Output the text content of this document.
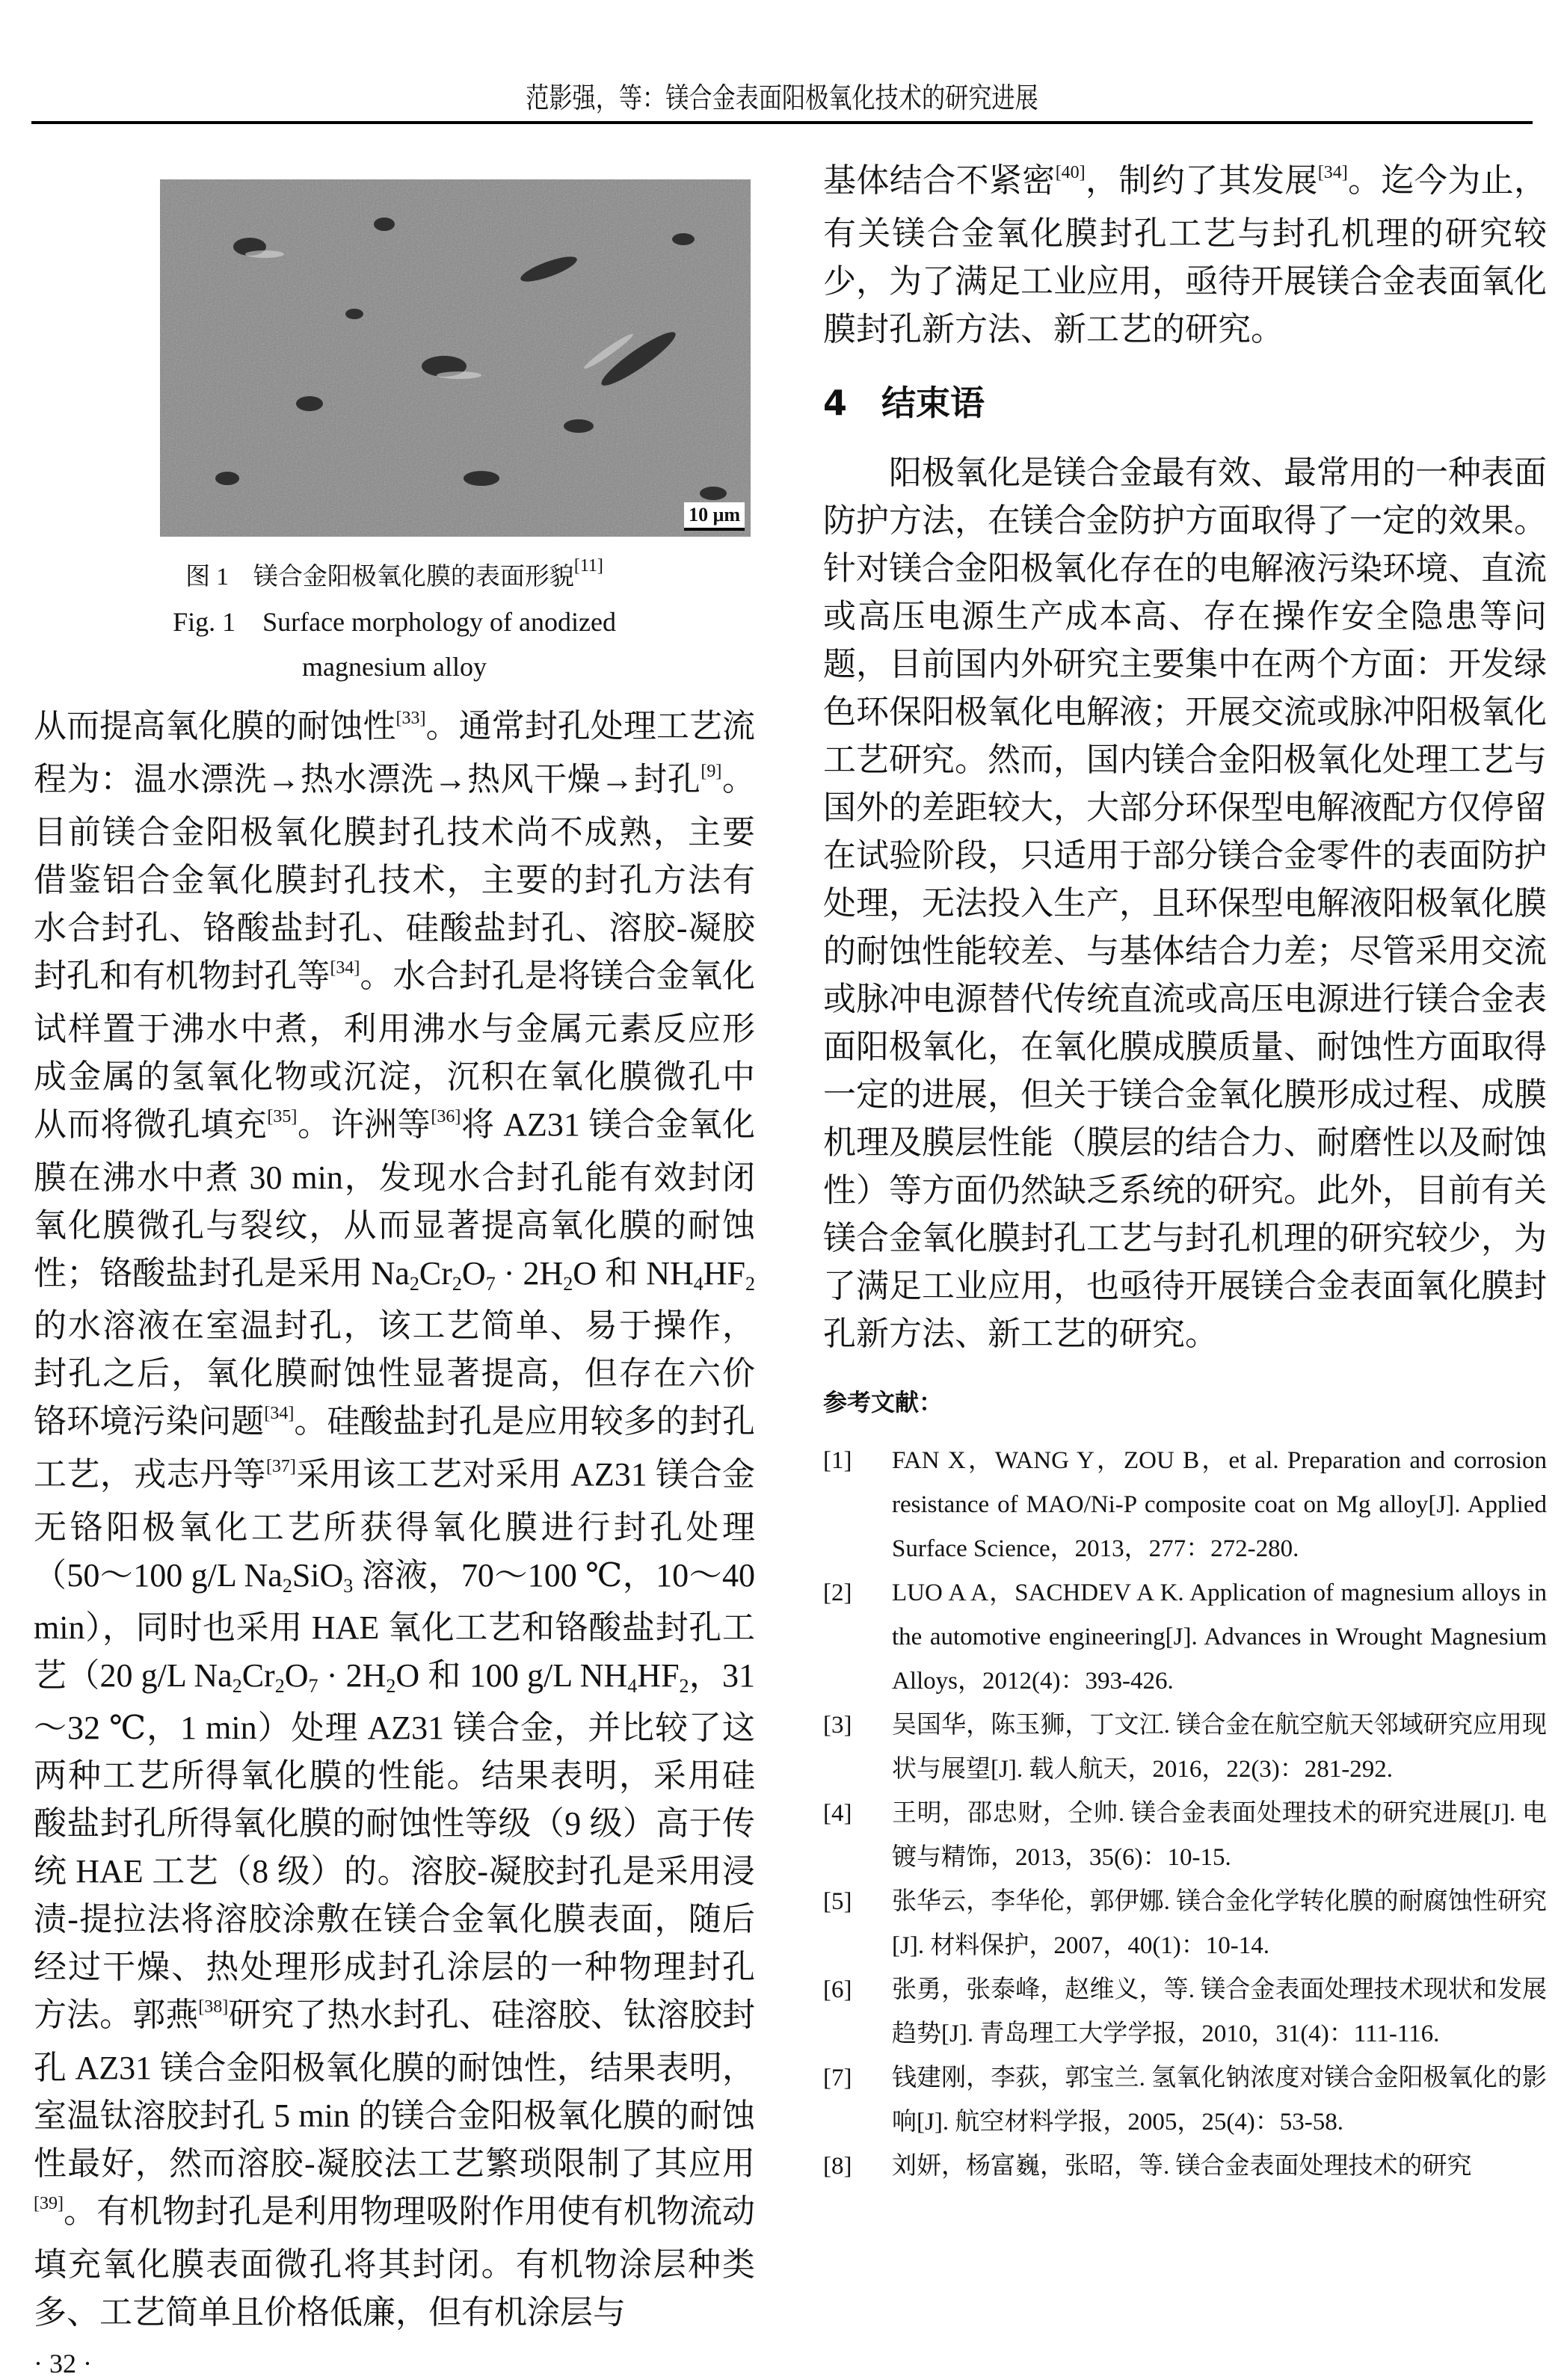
范影强，等：镁合金表面阳极氧化技术的研究进展
10 μm
图 1　镁合金阳极氧化膜的表面形貌[11]
Fig. 1　Surface morphology of anodized
magnesium alloy

从而提高氧化膜的耐蚀性[33]。通常封孔处理工艺流程为：温水漂洗→热水漂洗→热风干燥→封孔[9]。目前镁合金阳极氧化膜封孔技术尚不成熟，主要借鉴铝合金氧化膜封孔技术，主要的封孔方法有水合封孔、铬酸盐封孔、硅酸盐封孔、溶胶-凝胶封孔和有机物封孔等[34]。水合封孔是将镁合金氧化试样置于沸水中煮，利用沸水与金属元素反应形成金属的氢氧化物或沉淀，沉积在氧化膜微孔中从而将微孔填充[35]。许洲等[36]将 AZ31 镁合金氧化膜在沸水中煮 30 min，发现水合封孔能有效封闭氧化膜微孔与裂纹，从而显著提高氧化膜的耐蚀性；铬酸盐封孔是采用 $Na_2Cr_2O_7 \cdot 2H_2O$ 和 $NH_4HF_2$ 的水溶液在室温封孔，该工艺简单、易于操作，封孔之后，氧化膜耐蚀性显著提高，但存在六价铬环境污染问题[34]。硅酸盐封孔是应用较多的封孔工艺，戎志丹等[37]采用该工艺对采用 AZ31 镁合金无铬阳极氧化工艺所获得氧化膜进行封孔处理（50～100 g/L $Na_2SiO_3$ 溶液，70～100 ℃，10～40 min），同时也采用 HAE 氧化工艺和铬酸盐封孔工艺（20 g/L $Na_2Cr_2O_7 \cdot 2H_2O$ 和 100 g/L $NH_4HF_2$，31～32 ℃，1 min）处理 AZ31 镁合金，并比较了这两种工艺所得氧化膜的性能。结果表明，采用硅酸盐封孔所得氧化膜的耐蚀性等级（9 级）高于传统 HAE 工艺（8 级）的。溶胶-凝胶封孔是采用浸渍-提拉法将溶胶涂敷在镁合金氧化膜表面，随后经过干燥、热处理形成封孔涂层的一种物理封孔方法。郭燕[38]研究了热水封孔、硅溶胶、钛溶胶封孔 AZ31 镁合金阳极氧化膜的耐蚀性，结果表明，室温钛溶胶封孔 5 min 的镁合金阳极氧化膜的耐蚀性最好，然而溶胶-凝胶法工艺繁琐限制了其应用[39]。有机物封孔是利用物理吸附作用使有机物流动填充氧化膜表面微孔将其封闭。有机物涂层种类多、工艺简单且价格低廉，但有机涂层与

· 32 ·

基体结合不紧密[40]，制约了其发展[34]。迄今为止，有关镁合金氧化膜封孔工艺与封孔机理的研究较少，为了满足工业应用，亟待开展镁合金表面氧化膜封孔新方法、新工艺的研究。

4 结束语

阳极氧化是镁合金最有效、最常用的一种表面防护方法，在镁合金防护方面取得了一定的效果。针对镁合金阳极氧化存在的电解液污染环境、直流或高压电源生产成本高、存在操作安全隐患等问题，目前国内外研究主要集中在两个方面：开发绿色环保阳极氧化电解液；开展交流或脉冲阳极氧化工艺研究。然而，国内镁合金阳极氧化处理工艺与国外的差距较大，大部分环保型电解液配方仅停留在试验阶段，只适用于部分镁合金零件的表面防护处理，无法投入生产，且环保型电解液阳极氧化膜的耐蚀性能较差、与基体结合力差；尽管采用交流或脉冲电源替代传统直流或高压电源进行镁合金表面阳极氧化，在氧化膜成膜质量、耐蚀性方面取得一定的进展，但关于镁合金氧化膜形成过程、成膜机理及膜层性能（膜层的结合力、耐磨性以及耐蚀性）等方面仍然缺乏系统的研究。此外，目前有关镁合金氧化膜封孔工艺与封孔机理的研究较少，为了满足工业应用，也亟待开展镁合金表面氧化膜封孔新方法、新工艺的研究。

参考文献：
[1]	FAN X，WANG Y，ZOU B，et al. Preparation and corrosion resistance of MAO/Ni-P composite coat on Mg alloy[J]. Applied Surface Science，2013，277：272-280.
[2]	LUO A A，SACHDEV A K. Application of magnesium alloys in the automotive engineering[J]. Advances in Wrought Magnesium Alloys，2012(4)：393-426.
[3]	吴国华，陈玉狮，丁文江. 镁合金在航空航天邻域研究应用现状与展望[J]. 载人航天，2016，22(3)：281-292.
[4]	王明，邵忠财，仝帅. 镁合金表面处理技术的研究进展[J]. 电镀与精饰，2013，35(6)：10-15.
[5]	张华云，李华伦，郭伊娜. 镁合金化学转化膜的耐腐蚀性研究[J]. 材料保护，2007，40(1)：10-14.
[6]	张勇，张泰峰，赵维义，等. 镁合金表面处理技术现状和发展趋势[J]. 青岛理工大学学报，2010，31(4)：111-116.
[7]	钱建刚，李荻，郭宝兰. 氢氧化钠浓度对镁合金阳极氧化的影响[J]. 航空材料学报，2005，25(4)：53-58.
[8]	刘妍，杨富巍，张昭，等. 镁合金表面处理技术的研究
